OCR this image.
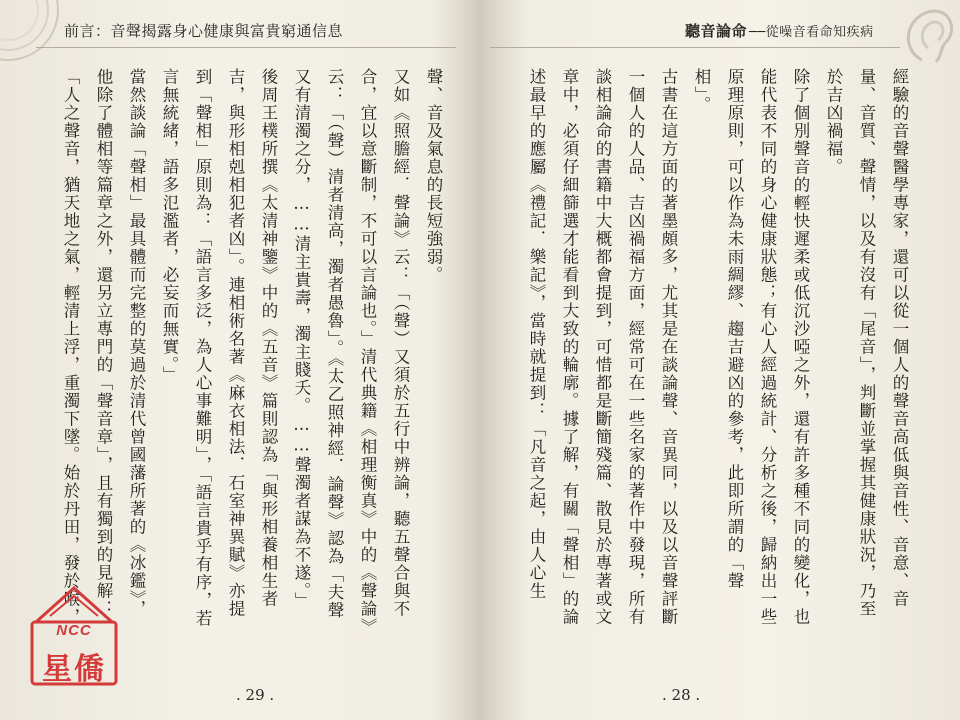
前言：音聲揭露身心健康與富貴窮通信息

聲、音及氣息的長短強弱。

又如《照膽經．聲論》云：「（聲）又須於五行中辨論，聽五聲合與不合，宜以意斷制，不可以言論也。」清代典籍《相理衡真》中的《聲論》云：「（聲）清者清高，濁者愚魯」。《太乙照神經．論聲》認為「夫聲又有清濁之分，……清主貴壽，濁主賤夭。……聲濁者謀為不遂。」

後周王樸所撰《太清神鑒》中的《五音》篇則認為「與形相養相生者吉，與形相剋相犯者凶」。連相術名著《麻衣相法．石室神異賦》亦提到「聲相」原則為：「語言多泛，為人心事難明」，「語言貴乎有序，若言無統緒，語多氾濫者，必妄而無實。」

當然談論「聲相」最具體而完整的莫過於清代曾國藩所著的《冰鑑》，他除了體相等篇章之外，還另立專門的「聲音章」，且有獨到的見解：「人之聲音，猶天地之氣，輕清上浮，重濁下墜。始於丹田，發於喉，

. 29 .
NCC
星僑
聽音論命 ──從噪音看命知疾病

經驗的音聲醫學專家，還可以從一個人的聲音高低與音性、音意、音量、音質、聲情，以及有沒有「尾音」，判斷並掌握其健康狀況，乃至於吉凶禍福。

除了個別聲音的輕快遲柔或低沉沙啞之外，還有許多種不同的變化，也能代表不同的身心健康狀態；有心人經過統計、分析之後，歸納出一些原理原則，可以作為未雨綢繆、趨吉避凶的參考，此即所謂的「聲相」。

古書在這方面的著墨頗多，尤其是在談論聲、音異同，以及以音聲評斷一個人的人品、吉凶禍福方面，經常可在一些名家的著作中發現，所有談相論命的書籍中大概都會提到，可惜都是斷簡殘篇、散見於專著或文章中，必須仔細篩選才能看到大致的輪廓。據了解，有關「聲相」的論述最早的應屬《禮記．樂記》，當時就提到：「凡音之起，由人心生

. 28 .
